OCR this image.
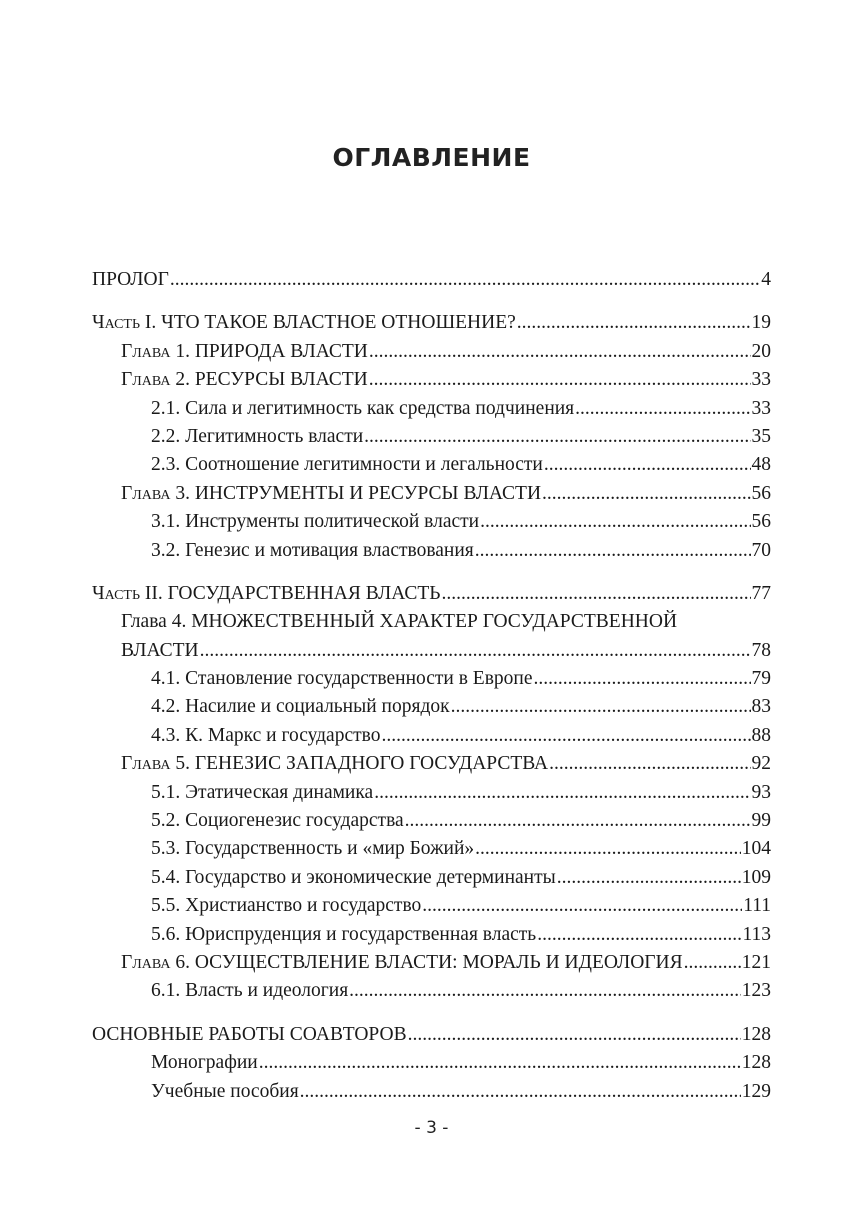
ОГЛАВЛЕНИЕ
ПРОЛОГ .....	4
Часть I. ЧТО ТАКОЕ ВЛАСТНОЕ ОТНОШЕНИЕ? .....	19
Глава 1. ПРИРОДА ВЛАСТИ .....	20
Глава 2. РЕСУРСЫ ВЛАСТИ .....	33
2.1. Сила и легитимность как средства подчинения .....	33
2.2. Легитимность власти .....	35
2.3. Соотношение легитимности и легальности .....	48
Глава 3. ИНСТРУМЕНТЫ И РЕСУРСЫ ВЛАСТИ .....	56
3.1. Инструменты политической власти .....	56
3.2. Генезис и мотивация властвования .....	70
Часть II. ГОСУДАРСТВЕННАЯ ВЛАСТЬ .....	77
Глава 4. МНОЖЕСТВЕННЫЙ ХАРАКТЕР ГОСУДАРСТВЕННОЙ
ВЛАСТИ .....	78
4.1. Становление государственности в Европе .....	79
4.2. Насилие и социальный порядок .....	83
4.3. К. Маркс и государство .....	88
Глава 5. ГЕНЕЗИС ЗАПАДНОГО ГОСУДАРСТВА .....	92
5.1. Этатическая динамика .....	93
5.2. Социогенезис государства .....	99
5.3. Государственность и «мир Божий» .....	104
5.4. Государство и экономические детерминанты .....	109
5.5. Христианство и государство .....	111
5.6. Юриспруденция и государственная власть .....	113
Глава 6. ОСУЩЕСТВЛЕНИЕ ВЛАСТИ: МОРАЛЬ И ИДЕОЛОГИЯ .....	121
6.1. Власть и идеология .....	123
ОСНОВНЫЕ РАБОТЫ СОАВТОРОВ .....	128
Монографии .....	128
Учебные пособия .....	129
- 3 -
